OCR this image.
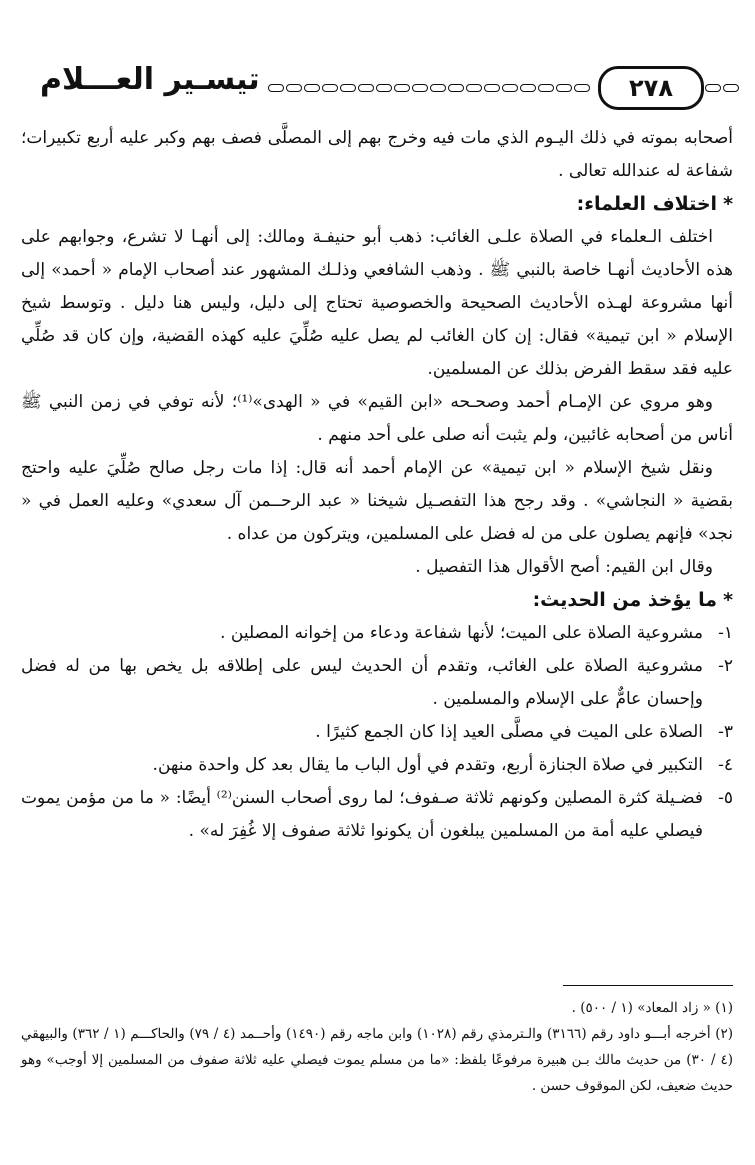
تيسـير العـــلام	٢٧٨

أصحابه بموته في ذلك اليـوم الذي مات فيه وخرج بهم إلى المصلَّى فصف بهم وكبر عليه أربع تكبيرات؛ شفاعة له عندالله تعالى .

*اختلاف العلماء:

اختلف الـعلماء في الصلاة علـى الغائب: ذهب أبو حنيفـة ومالك: إلى أنهـا لا تشرع، وجوابهم على هذه الأحاديث أنهـا خاصة بالنبي ﷺ . وذهب الشافعي وذلـك المشهور عند أصحاب الإمام « أحمد» إلى أنها مشروعة لهـذه الأحاديث الصحيحة والخصوصية تحتاج إلى دليل، وليس هنا دليل . وتوسط شيخ الإسلام « ابن تيمية» فقال: إن كان الغائب لم يصل عليه صُلِّيَ عليه كهذه القضية، وإن كان قد صُلِّي عليه فقد سقط الفرض بذلك عن المسلمين.

وهو مروي عن الإمـام أحمد وصحـحه «ابن القيم» في « الهدى»⁽¹⁾؛ لأنه توفي في زمن النبي ﷺ أناس من أصحابه غائبين، ولم يثبت أنه صلى على أحد منهم .

ونقل شيخ الإسلام « ابن تيمية» عن الإمام أحمد أنه قال: إذا مات رجل صالح صُلِّيَ عليه واحتج بقضية « النجاشي» . وقد رجح هذا التفصـيل شيخنا « عبد الرحــمن آل سعدي» وعليه العمل في « نجد» فإنهم يصلون على من له فضل على المسلمين، ويتركون من عداه .

وقال ابن القيم: أصح الأقوال هذا التفصيل .

*ما يؤخذ من الحديث:

١-
مشروعية الصلاة على الميت؛ لأنها شفاعة ودعاء من إخوانه المصلين .
٢-
مشروعية الصلاة على الغائب، وتقدم أن الحديث ليس على إطلاقه بل يخص بها من له فضل وإحسان عامٌّ على الإسلام والمسلمين .
٣-
الصلاة على الميت في مصلَّى العيد إذا كان الجمع كثيرًا .
٤-
التكبير في صلاة الجنازة أربع، وتقدم في أول الباب ما يقال بعد كل واحدة منهن.
٥-
فضـيلة كثرة المصلين وكونهم ثلاثة صـفوف؛ لما روى أصحاب السنن⁽²⁾ أيضًا: « ما من مؤمن يموت فيصلي عليه أمة من المسلمين يبلغون أن يكونوا ثلاثة صفوف إلا غُفِرَ له» .

(١) « زاد المعاد» (١ / ٥٠٠) .

(٢) أخرجه أبـــو داود رقم (٣١٦٦) والـترمذي رقم (١٠٢٨) وابن ماجه رقم (١٤٩٠) وأحــمد (٤ / ٧٩) والحاكـــم (١ / ٣٦٢) والبيهقي (٤ / ٣٠) من حديث مالك بـن هبيرة مرفوعًا بلفظ: «ما من مسلم يموت فيصلي عليه ثلاثة صفوف من المسلمين إلا أوجب» وهو حديث ضعيف، لكن الموقوف حسن .
